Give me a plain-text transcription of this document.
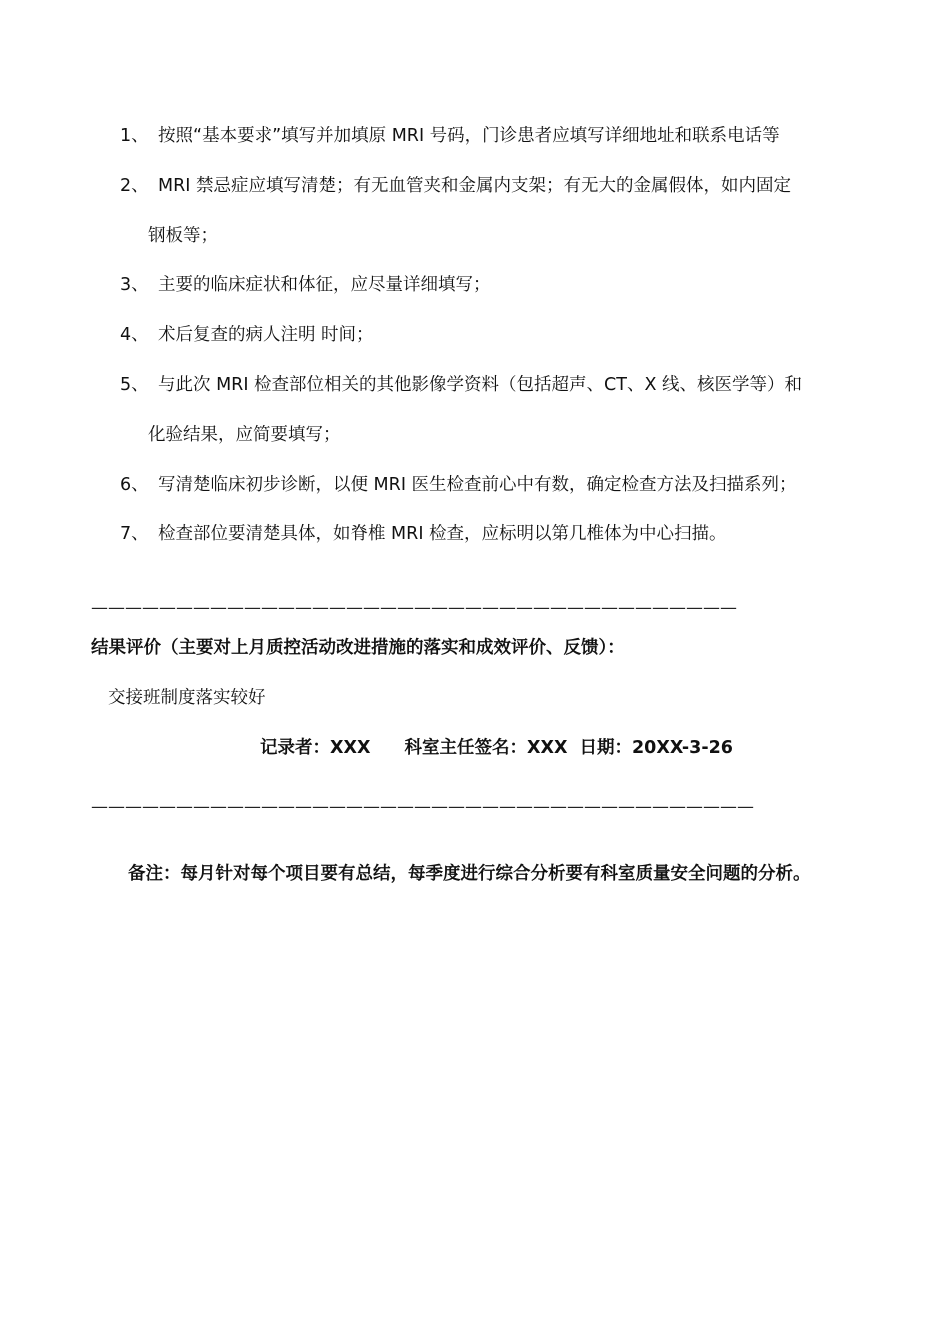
1、 按照“基本要求”填写并加填原 MRI 号码，门诊患者应填写详细地址和联系电话等
2、 MRI 禁忌症应填写清楚；有无血管夹和金属内支架；有无大的金属假体，如内固定
钢板等；
3、 主要的临床症状和体征，应尽量详细填写；
4、 术后复查的病人注明 时间；
5、 与此次 MRI 检查部位相关的其他影像学资料（包括超声、CT、X 线、核医学等）和
化验结果，应简要填写；
6、 写清楚临床初步诊断，以便 MRI 医生检查前心中有数，确定检查方法及扫描系列；
7、 检查部位要清楚具体，如脊椎 MRI 检查，应标明以第几椎体为中心扫描。
——————————————————————————————————————
结果评价（主要对上月质控活动改进措施的落实和成效评价、反馈）：
交接班制度落实较好
记录者：XXX 科室主任签名：XXX 日期：20XX-3-26
———————————————————————————————————————
备注：每月针对每个项目要有总结，每季度进行综合分析要有科室质量安全问题的分析。
